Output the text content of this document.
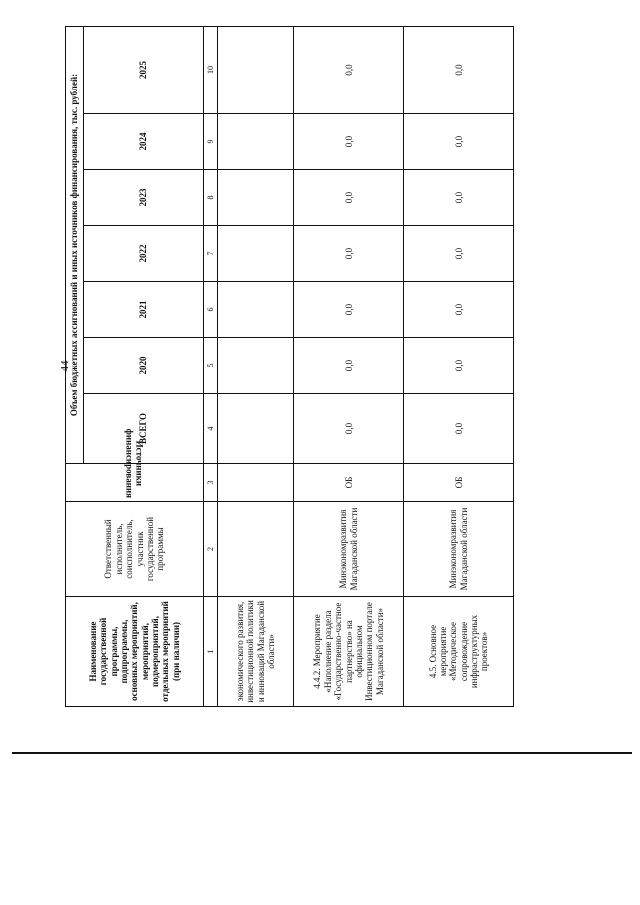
44
Наименование государственной программы, подпрограммы, основных мероприятий, мероприятий, подмероприятий, отдельных мероприятий (при наличии)	Ответственный исполнитель, соисполнитель, участник государственной программы	Источники финансирования	Объем бюджетных ассигнований и иных источников финансирования, тыс. рублей:						
			ВСЕГО	2020	2021	2022	2023	2024	2025
1	2	3	4	5	6	7	8	9	10
экономического развития, инвестиционной политики и инноваций Магаданской области»									
4.4.2. Мероприятие «Наполнение раздела «Государственно-частное партнерство» на официальном Инвестиционном портале Магаданской области»	Минэкономразвития Магаданской области	ОБ	0,0	0,0	0,0	0,0	0,0	0,0	0,0
4.5. Основное мероприятие «Методическое сопровождение инфраструктурных проектов»	Минэкономразвития Магаданской области	ОБ	0,0	0,0	0,0	0,0	0,0	0,0	0,0
